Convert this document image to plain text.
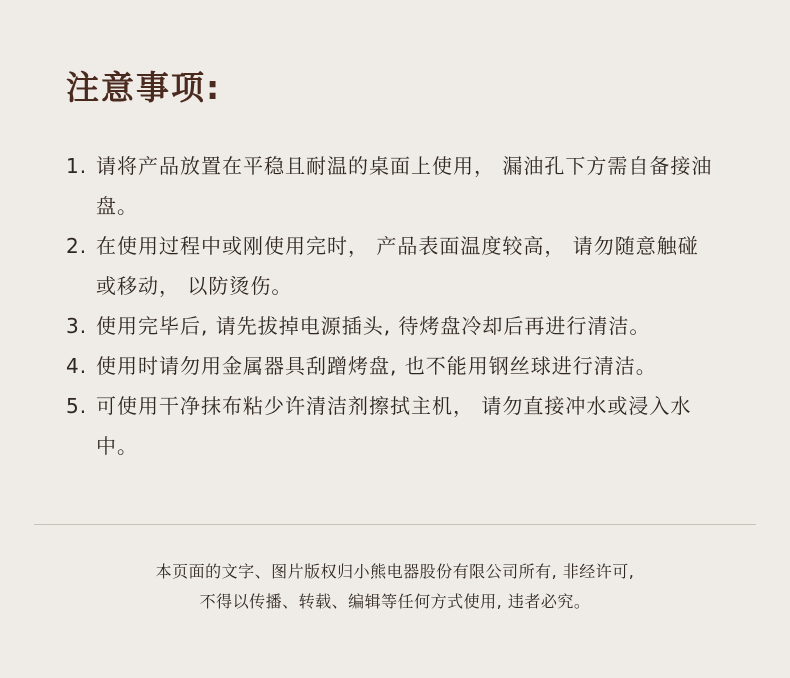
注意事项:
1. 请将产品放置在平稳且耐温的桌面上使用， 漏油孔下方需自备接油盘。
2. 在使用过程中或刚使用完时， 产品表面温度较高， 请勿随意触碰或移动， 以防烫伤。
3. 使用完毕后, 请先拔掉电源插头, 待烤盘冷却后再进行清洁。
4. 使用时请勿用金属器具刮蹭烤盘, 也不能用钢丝球进行清洁。
5. 可使用干净抹布粘少许清洁剂擦拭主机， 请勿直接冲水或浸入水中。
本页面的文字、图片版权归小熊电器股份有限公司所有, 非经许可,
不得以传播、转载、编辑等任何方式使用, 违者必究。
